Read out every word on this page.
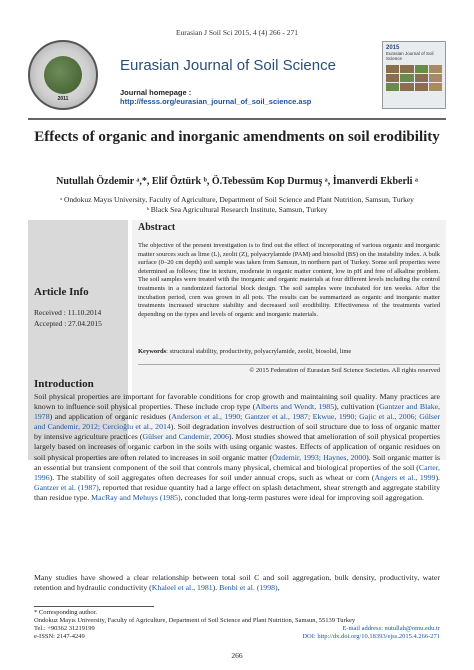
Eurasian J Soil Sci 2015, 4 (4) 266 - 271
2011
Eurasian Journal of Soil Science
Journal homepage : http://fesss.org/eurasian_journal_of_soil_science.asp
2015
Eurasian Journal of Soil Science
Effects of organic and inorganic amendments on soil erodibility
Nutullah Özdemir ᵃ,*, Elif Öztürk ᵇ, Ö.Tebessüm Kop Durmuş ᵃ, İmanverdi Ekberli ᵃ
ᵃ Ondokuz Mayıs University, Faculty of Agriculture, Department of Soil Science and Plant Nutrition, Samsun, Turkey
ᵇ Black Sea Agricultural Research Institute, Samsun, Turkey
Article Info
Received : 11.10.2014
Accepted : 27.04.2015
Abstract
The objective of the present investigation is to find out the effect of incorporating of various organic and inorganic matter sources such as lime (L), zeolit (Z), polyacrylamide (PAM) and biosolid (BS) on the instability index. A bulk surface (0–20 cm depth) soil sample was taken from Samsun, in northern part of Turkey. Some soil properties were determined as follows; fine in texture, moderate in organic matter content, low in pH and free of alkaline problem. The soil samples were treated with the inorganic and organic materials at four different levels including the control treatments in a randomized factorial block design. The soil samples were incubated for ten weeks. After the incubation period, corn was grown in all pots. The results can be summarized as organic and inorganic matter treatments increased structure stability and decreased soil erodibility. Effectiveness of the treatments varied depending on the types and levels of organic and inorganic materials.
Keywords: structural stability, productivity, polyacrylamide, zeolit, biosolid, lime
© 2015 Federation of Eurasian Soil Science Societies. All rights reserved
Introduction
Soil physical properties are important for favorable conditions for crop growth and maintaining soil quality. Many practices are known to influence soil physical properties. These include crop type (Alberts and Wendt, 1985), cultivation (Gantzer and Blake, 1978) and application of organic residues (Anderson et al., 1990; Gantzer et al., 1987; Ekwue, 1990; Gajic et al., 2006; Gülser and Candemir, 2012; Cercioğlu et al., 2014). Soil degradation involves destruction of soil structure due to loss of organic matter by intensive agriculture practices (Gülser and Candemir, 2006). Most studies showed that amelioration of soil physical properties largely based on increases of organic carbon in the soils with using organic wastes. Effects of application of organic residues on soil physical properties are often related to increases in soil organic matter (Özdemir, 1993; Haynes, 2000). Soil organic matter is an essential but transient component of the soil that controls many physical, chemical and biological properties of the soil (Carter, 1996). The stability of soil aggregates often decreases for soil under annual crops, such as wheat or corn (Angers et al., 1999). Gantzer et al. (1987), reported that residue quantity had a large effect on splash detachment, shear strength and aggregate stability than residue type. MacRay and Mehuys (1985), concluded that long-term pastures were ideal for improving soil aggregation.
Many studies have showed a clear relationship between total soil C and soil aggregation, bulk density, productivity, water retention and hydraulic conductivity (Khaleel et al., 1981). Benbi et al. (1998),
* Corresponding author.
Ondokuz Mayıs University, Faculty of Agriculture, Department of Soil Science and Plant Nutrition, Samsun, 55139 Turkey
Tel.: +90362 31219199	E-mail address: nutullah@omu.edu.tr
e-ISSN: 2147-4249	DOI: http://dx.doi.org/10.18393/ejss.2015.4.266-271
266
